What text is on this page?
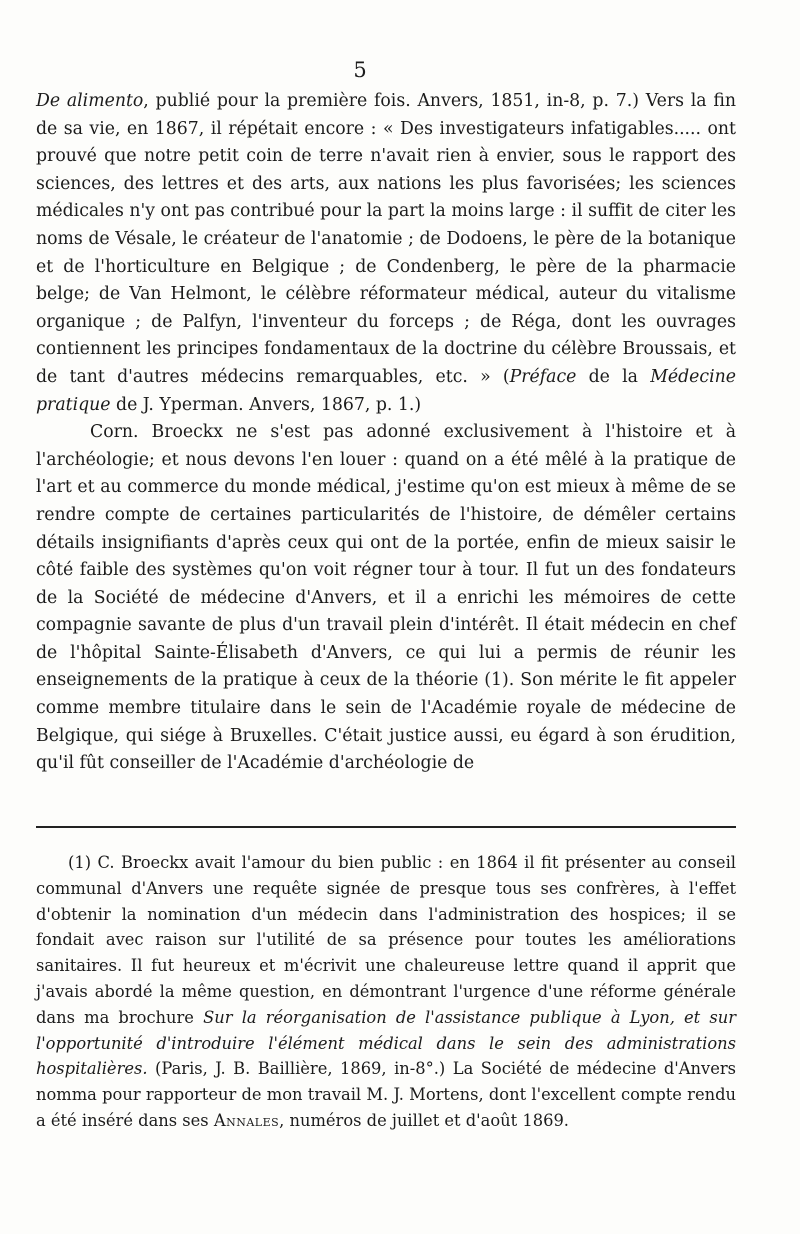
5

De alimento, publié pour la première fois. Anvers, 1851, in-8, p. 7.) Vers la fin de sa vie, en 1867, il répétait encore : « Des investigateurs infatigables..... ont prouvé que notre petit coin de terre n'avait rien à envier, sous le rapport des sciences, des lettres et des arts, aux nations les plus favorisées; les sciences médicales n'y ont pas contribué pour la part la moins large : il suffit de citer les noms de Vésale, le créateur de l'anatomie ; de Dodoens, le père de la botanique et de l'horticulture en Belgique ; de Condenberg, le père de la pharmacie belge; de Van Helmont, le célèbre réformateur médical, auteur du vitalisme organique ; de Palfyn, l'inventeur du forceps ; de Réga, dont les ouvrages contiennent les principes fondamentaux de la doctrine du célèbre Broussais, et de tant d'autres médecins remarquables, etc. » (Préface de la Médecine pratique de J. Yperman. Anvers, 1867, p. 1.)

Corn. Broeckx ne s'est pas adonné exclusivement à l'histoire et à l'archéologie; et nous devons l'en louer : quand on a été mêlé à la pratique de l'art et au commerce du monde médical, j'estime qu'on est mieux à même de se rendre compte de certaines particularités de l'histoire, de démêler certains détails insignifiants d'après ceux qui ont de la portée, enfin de mieux saisir le côté faible des systèmes qu'on voit régner tour à tour. Il fut un des fondateurs de la Société de médecine d'Anvers, et il a enrichi les mémoires de cette compagnie savante de plus d'un travail plein d'intérêt. Il était médecin en chef de l'hôpital Sainte-Élisabeth d'Anvers, ce qui lui a permis de réunir les enseignements de la pratique à ceux de la théorie (1). Son mérite le fit appeler comme membre titulaire dans le sein de l'Académie royale de médecine de Belgique, qui siége à Bruxelles. C'était justice aussi, eu égard à son érudition, qu'il fût conseiller de l'Académie d'archéologie de

(1) C. Broeckx avait l'amour du bien public : en 1864 il fit présenter au conseil communal d'Anvers une requête signée de presque tous ses confrères, à l'effet d'obtenir la nomination d'un médecin dans l'administration des hospices; il se fondait avec raison sur l'utilité de sa présence pour toutes les améliorations sanitaires. Il fut heureux et m'écrivit une chaleureuse lettre quand il apprit que j'avais abordé la même question, en démontrant l'urgence d'une réforme générale dans ma brochure Sur la réorganisation de l'assistance publique à Lyon, et sur l'opportunité d'introduire l'élément médical dans le sein des administrations hospitalières. (Paris, J. B. Baillière, 1869, in-8°.) La Société de médecine d'Anvers nomma pour rapporteur de mon travail M. J. Mortens, dont l'excellent compte rendu a été inséré dans ses Annales, numéros de juillet et d'août 1869.
